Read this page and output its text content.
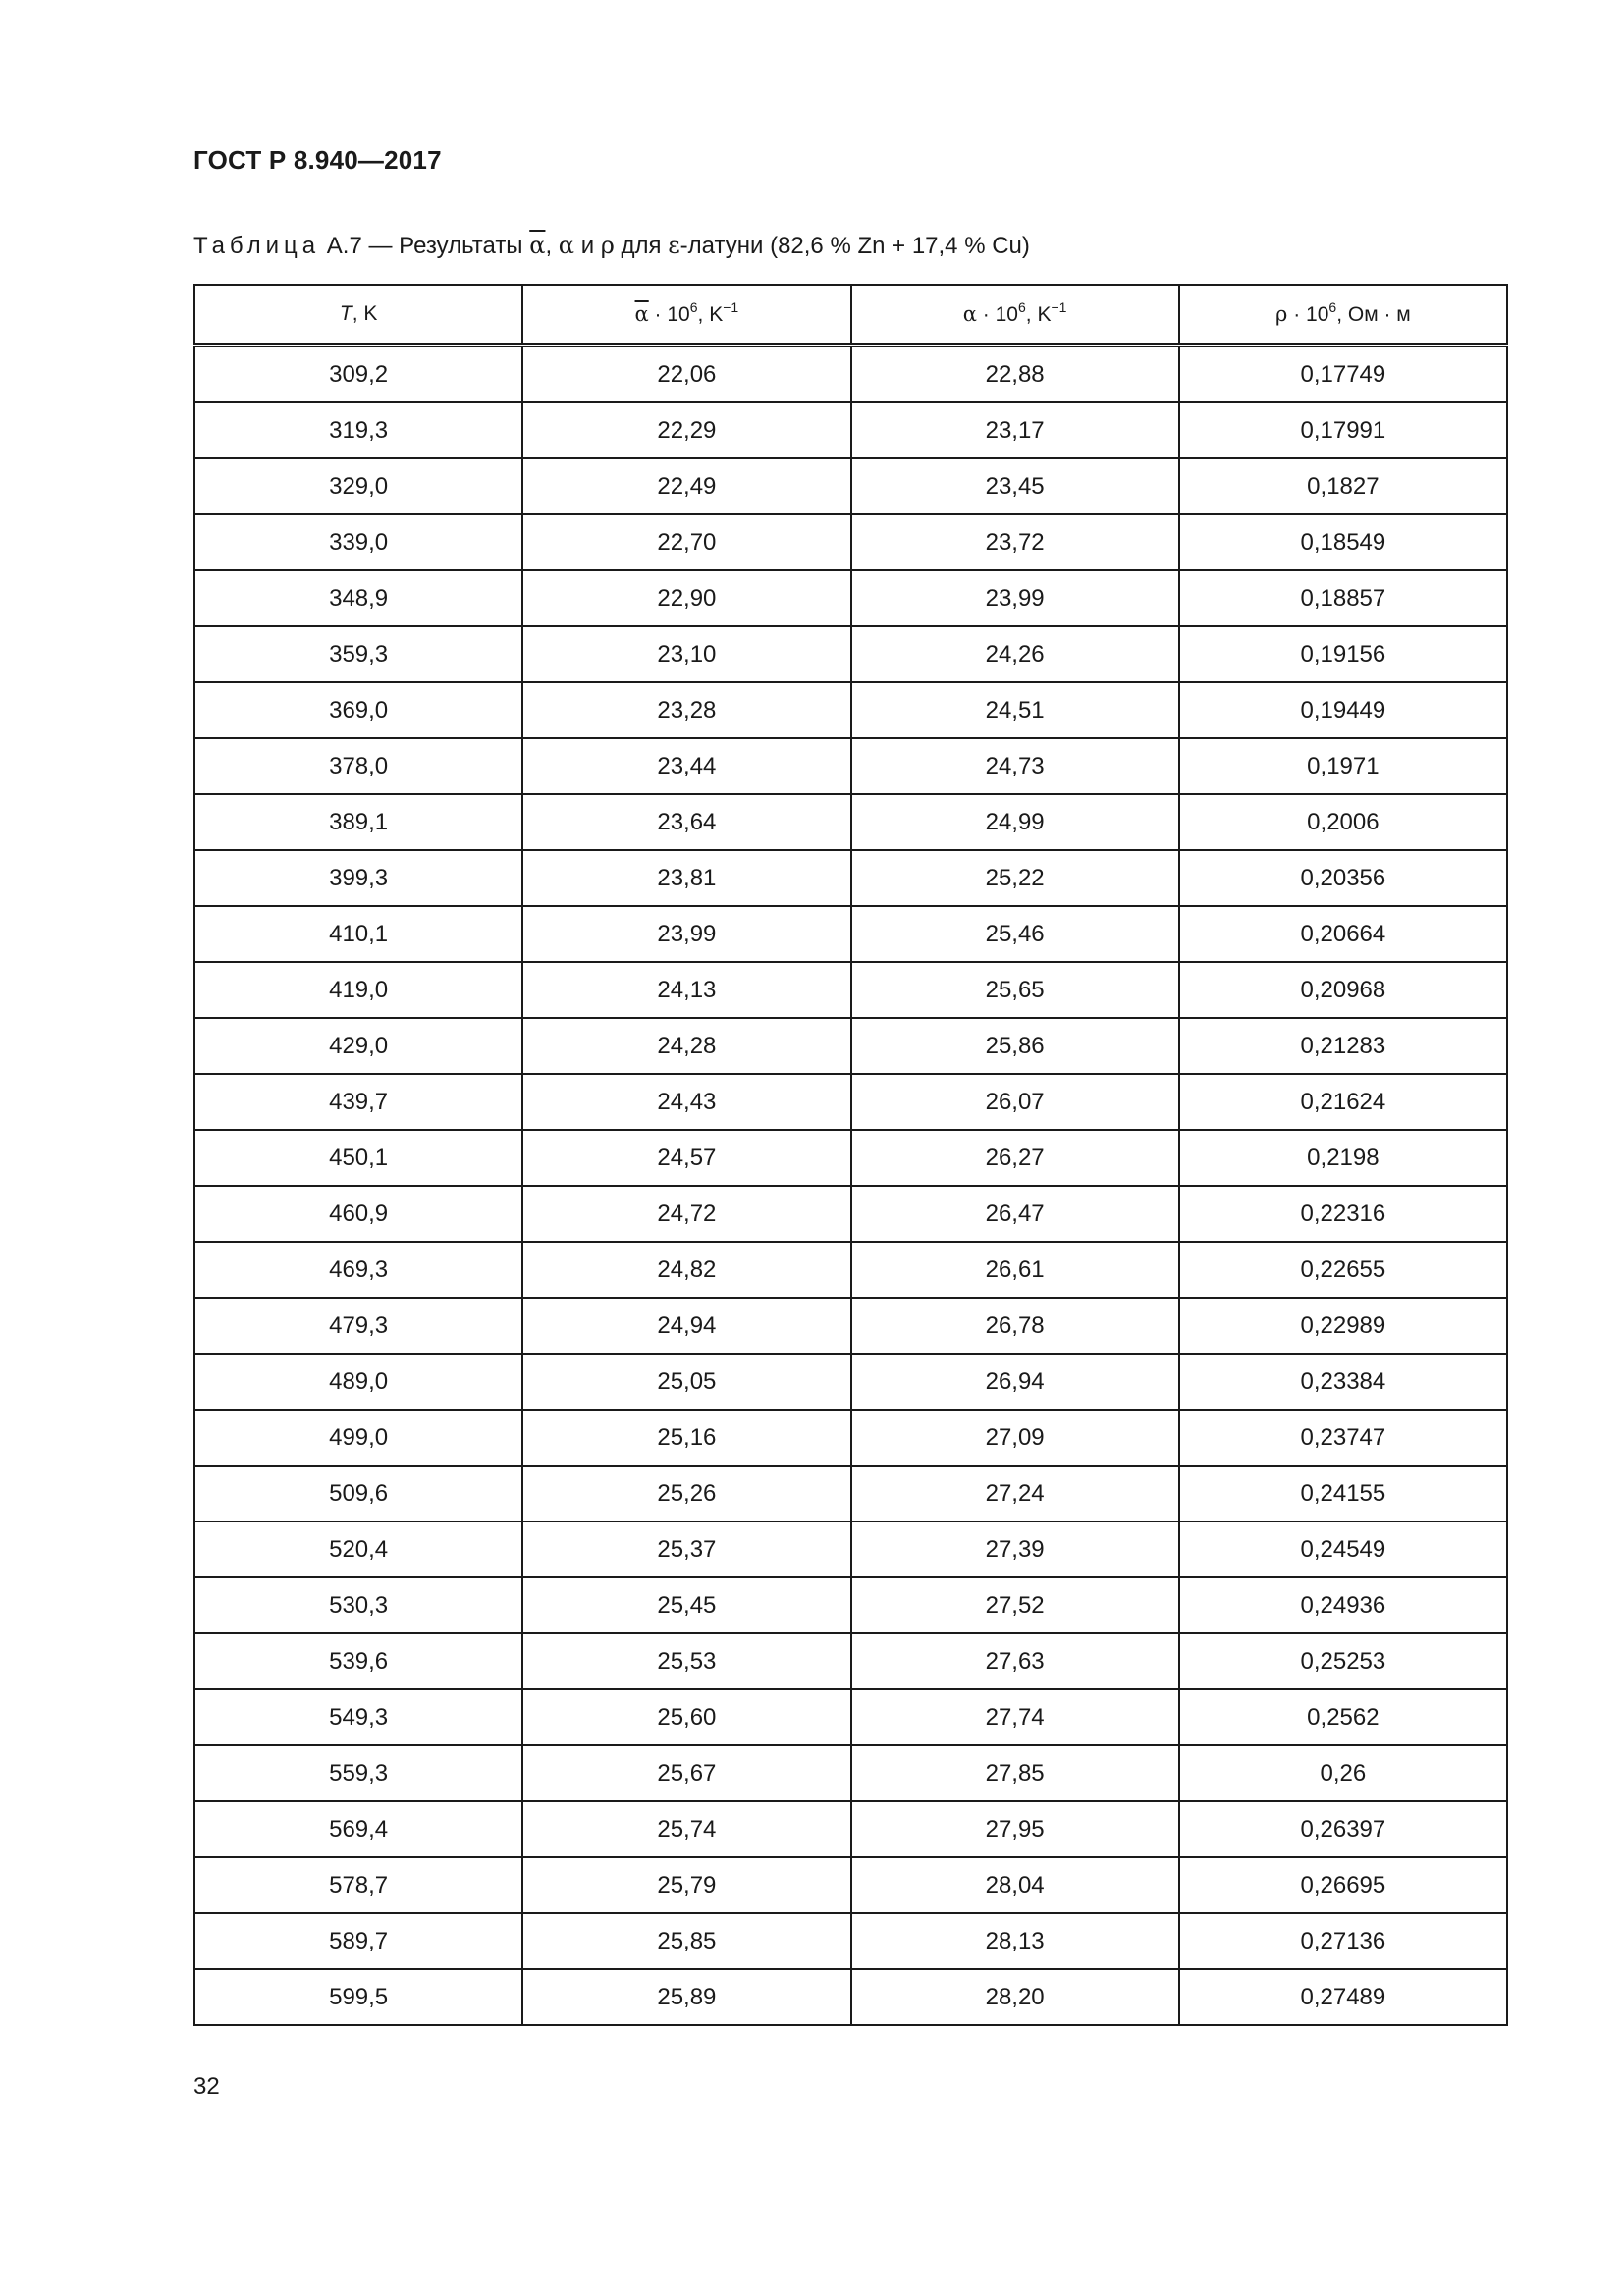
ГОСТ Р 8.940—2017
Таблица А.7 — Результаты $\overline{\alpha}$, α и ρ для ε-латуни (82,6 % Zn + 17,4 % Cu)
T, K	$\overline{\alpha} \cdot 10^6$, $K^{-1}$	$\alpha \cdot 10^6$, $K^{-1}$	$\rho \cdot 10^6$, Ом · м
309,2	22,06	22,88	0,17749
319,3	22,29	23,17	0,17991
329,0	22,49	23,45	0,1827
339,0	22,70	23,72	0,18549
348,9	22,90	23,99	0,18857
359,3	23,10	24,26	0,19156
369,0	23,28	24,51	0,19449
378,0	23,44	24,73	0,1971
389,1	23,64	24,99	0,2006
399,3	23,81	25,22	0,20356
410,1	23,99	25,46	0,20664
419,0	24,13	25,65	0,20968
429,0	24,28	25,86	0,21283
439,7	24,43	26,07	0,21624
450,1	24,57	26,27	0,2198
460,9	24,72	26,47	0,22316
469,3	24,82	26,61	0,22655
479,3	24,94	26,78	0,22989
489,0	25,05	26,94	0,23384
499,0	25,16	27,09	0,23747
509,6	25,26	27,24	0,24155
520,4	25,37	27,39	0,24549
530,3	25,45	27,52	0,24936
539,6	25,53	27,63	0,25253
549,3	25,60	27,74	0,2562
559,3	25,67	27,85	0,26
569,4	25,74	27,95	0,26397
578,7	25,79	28,04	0,26695
589,7	25,85	28,13	0,27136
599,5	25,89	28,20	0,27489
32
